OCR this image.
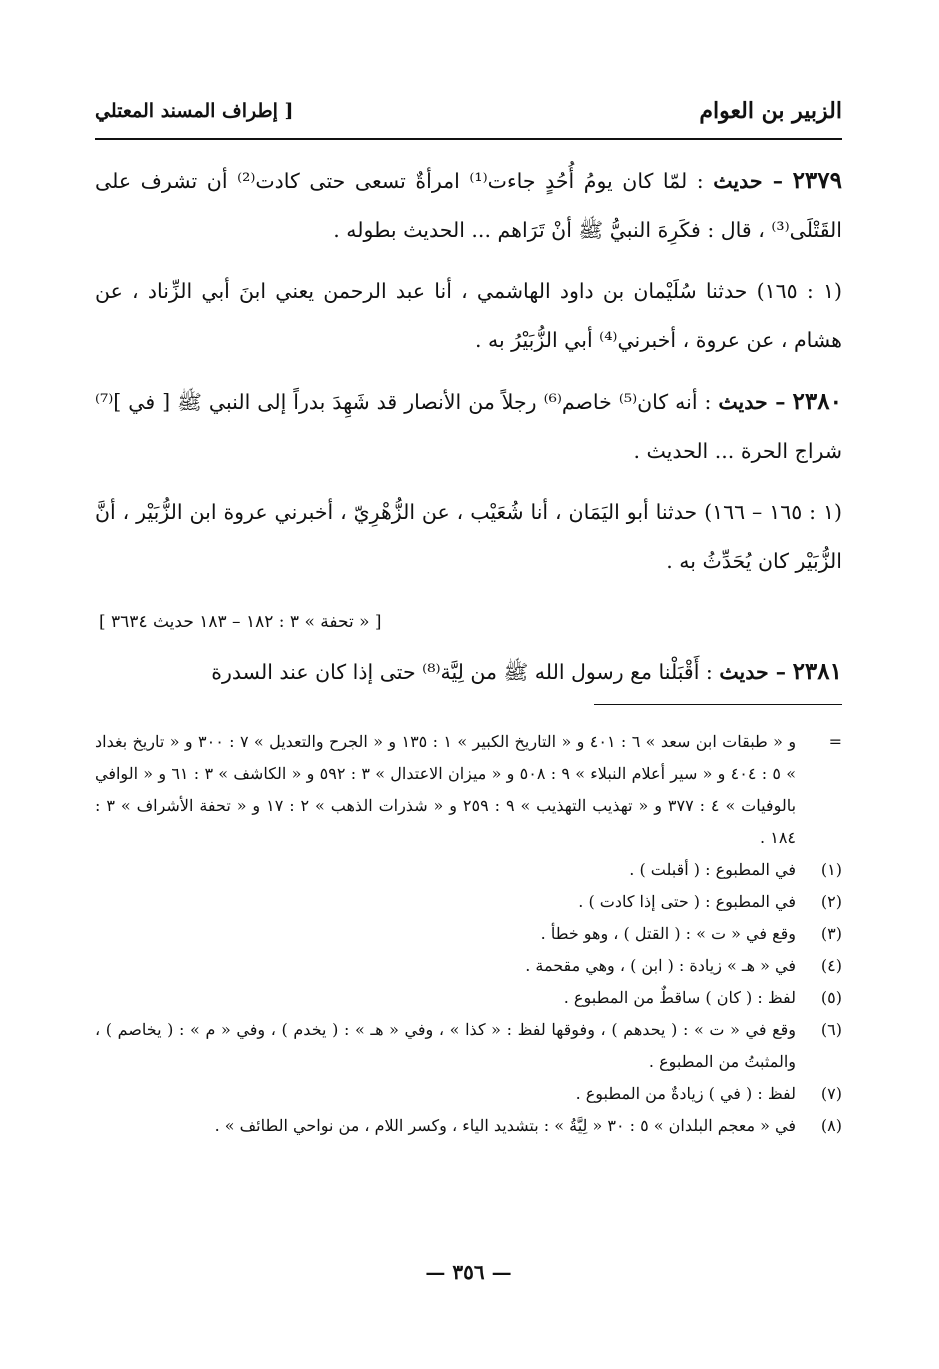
الزبير بن العوام
[ إطراف المسند المعتلي

٢٣٧٩ – حديث : لمّا كان يومُ أُحُدٍ جاءت⁽¹⁾ امرأةٌ تسعى حتى كادت⁽²⁾ أن تشرف على القَتْلَى⁽³⁾ ، قال : فكَرِهَ النبيُّ ﷺ أنْ تَرَاهم ... الحديث بطوله .

(١ : ١٦٥) حدثنا سُلَيْمان بن داود الهاشمي ، أنا عبد الرحمن يعني ابنَ أبي الزِّناد ، عن هشام ، عن عروة ، أخبرني⁽⁴⁾ أبي الزُّبَيْرُ به .

٢٣٨٠ – حديث : أنه كان⁽⁵⁾ خاصم⁽⁶⁾ رجلاً من الأنصار قد شَهِدَ بدراً إلى النبي ﷺ [ في ]⁽⁷⁾ شراج الحرة ... الحديث .

(١ : ١٦٥ – ١٦٦) حدثنا أبو اليَمَان ، أنا شُعَيْب ، عن الزُّهْرِيّ ، أخبرني عروة ابن الزُّبَيْر ، أنَّ الزُّبَيْر كان يُحَدِّثُ به .

[ « تحفة » ٣ : ١٨٢ – ١٨٣ حديث ٣٦٣٤ ]

٢٣٨١ – حديث : أَقْبَلْنا مع رسول الله ﷺ من لِيَّة⁽⁸⁾ حتى إذا كان عند السدرة

=
و « طبقات ابن سعد » ٦ : ٤٠١ و « التاريخ الكبير » ١ : ١٣٥ و « الجرح والتعديل » ٧ : ٣٠٠ و « تاريخ بغداد » ٥ : ٤٠٤ و « سير أعلام النبلاء » ٩ : ٥٠٨ و « ميزان الاعتدال » ٣ : ٥٩٢ و « الكاشف » ٣ : ٦١ و « الوافي بالوفيات » ٤ : ٣٧٧ و « تهذيب التهذيب » ٩ : ٢٥٩ و « شذرات الذهب » ٢ : ١٧ و « تحفة الأشراف » ٣ : ١٨٤ .
(١)
في المطبوع : ( أقبلت ) .
(٢)
في المطبوع : ( حتى إذا كادت ) .
(٣)
وقع في « ت » : ( القتل ) ، وهو خطأ .
(٤)
في « هـ » زيادة : ( ابن ) ، وهي مقحمة .
(٥)
لفظ : ( كان ) ساقطٌ من المطبوع .
(٦)
وقع في « ت » : ( يحدهم ) ، وفوقها لفظ : « كذا » ، وفي « هـ » : ( يخدم ) ، وفي « م » : ( يخاصم ) ، والمثبتُ من المطبوع .
(٧)
لفظ : ( في ) زيادةٌ من المطبوع .
(٨)
في « معجم البلدان » ٥ : ٣٠ « لِيَّةُ » : بتشديد الياء ، وكسر اللام ، من نواحي الطائف » .
— ٣٥٦ —
